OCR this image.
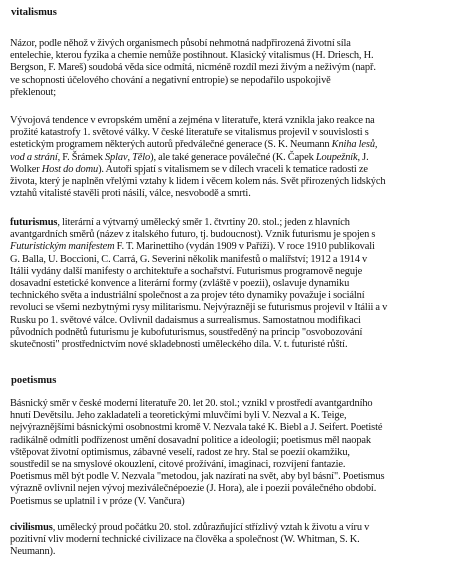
vitalismus
Názor, podle něhož v živých organismech působí nehmotná nadpřirozená životní síla
entelechie, kterou fyzika a chemie nemůže postihnout. Klasický vitalismus (H. Driesch, H.
Bergson, F. Mareš) soudobá věda sice odmítá, nicméně rozdíl mezi živým a neživým (např.
ve schopnosti účelového chování a negativní entropie) se nepodařilo uspokojivě
překlenout;
Vývojová tendence v evropském umění a zejména v literatuře, která vznikla jako reakce na
prožité katastrofy 1. světové války. V české literatuře se vitalismus projevil v souvislosti s
estetickým programem některých autorů předválečné generace (S. K. Neumann Kniha lesů,
vod a strání, F. Šrámek Splav, Tělo), ale také generace poválečné (K. Čapek Loupežník, J.
Wolker Host do domu). Autoři spjatí s vitalismem se v dílech vraceli k tematice radosti ze
života, který je naplněn vřelými vztahy k lidem i věcem kolem nás. Svět přirozených lidských
vztahů vitalisté stavěli proti násilí, válce, nesvobodě a smrti.
futurismus, literární a výtvarný umělecký směr 1. čtvrtiny 20. stol.; jeden z hlavních
avantgardních směrů (název z italského futuro, tj. budoucnost). Vznik futurismu je spojen s
Futuristickým manifestem F. T. Marinettiho (vydán 1909 v Paříži). V roce 1910 publikovali
G. Balla, U. Boccioni, C. Carrá, G. Severini několik manifestů o malířství; 1912 a 1914 v
Itálii vydány další manifesty o architektuře a sochařství. Futurismus programově neguje
dosavadní estetické konvence a literární formy (zvláště v poezii), oslavuje dynamiku
technického světa a industriální společnost a za projev této dynamiky považuje i sociální
revoluci se všemi nezbytnými rysy militarismu. Nejvýrazněji se futurismus projevil v Itálii a v
Rusku po 1. světové válce. Ovlivnil dadaismus a surrealismus. Samostatnou modifikaci
původních podnětů futurismu je kubofuturismus, soustředěný na princip "osvobozování
skutečnosti" prostřednictvím nové skladebnosti uměleckého díla. V. t. futuristé růští.
poetismus
Básnický směr v české moderní literatuře 20. let 20. stol.; vznikl v prostředí avantgardního
hnutí Devětsilu. Jeho zakladateli a teoretickými mluvčími byli V. Nezval a K. Teige,
nejvýraznějšími básnickými osobnostmi kromě V. Nezvala také K. Biebl a J. Seifert. Poetisté
radikálně odmítli podřízenost umění dosavadní politice a ideologii; poetismus měl naopak
vštěpovat životní optimismus, zábavné veselí, radost ze hry. Stal se poezií okamžiku,
soustředil se na smyslové okouzlení, citové prožívání, imaginaci, rozvíjení fantazie.
Poetismus měl být podle V. Nezvala "metodou, jak nazírati na svět, aby byl básní". Poetismus
výrazně ovlivnil nejen vývoj meziválečnépoezie (J. Hora), ale i poezii poválečného období.
Poetismus se uplatnil i v próze (V. Vančura)
civilismus, umělecký proud počátku 20. stol. zdůrazňující střízlivý vztah k životu a víru v
pozitivní vliv moderní technické civilizace na člověka a společnost (W. Whitman, S. K.
Neumann).
